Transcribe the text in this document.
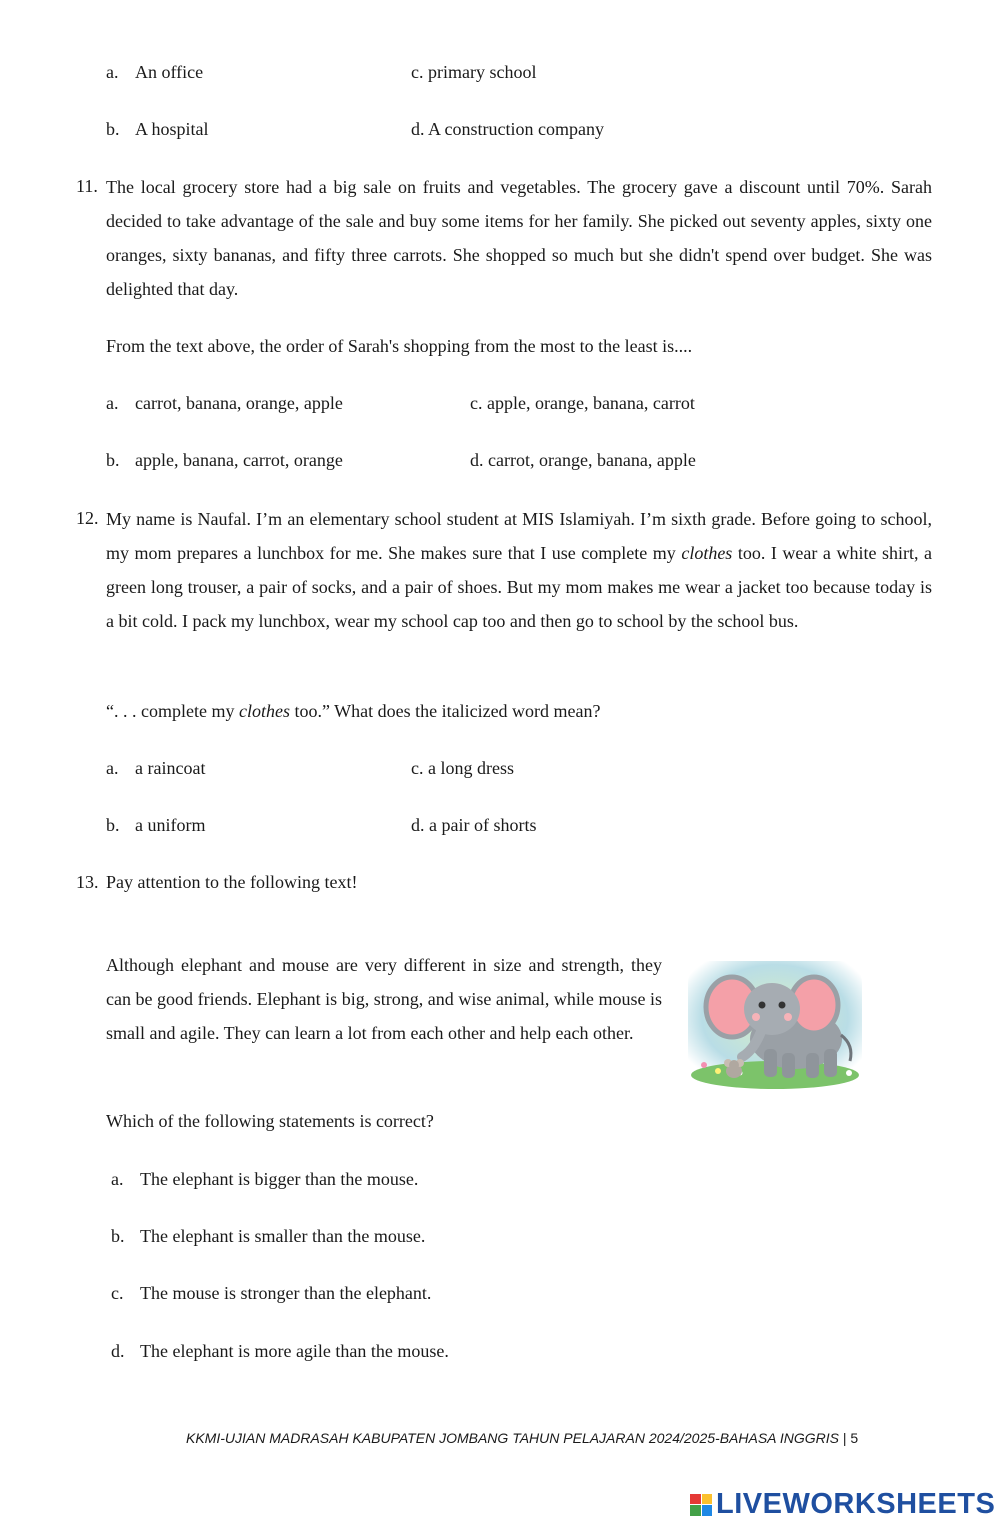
a. An office	c. primary school
b. A hospital	d. A construction company
11. The local grocery store had a big sale on fruits and vegetables. The grocery gave a discount until 70%. Sarah decided to take advantage of the sale and buy some items for her family. She picked out seventy apples, sixty one oranges, sixty bananas, and fifty three carrots. She shopped so much but she didn't spend over budget. She was delighted that day.
From the text above, the order of Sarah's shopping from the most to the least is....
a. carrot, banana, orange, apple	c. apple, orange, banana, carrot
b. apple, banana, carrot, orange	d. carrot, orange, banana, apple
12. My name is Naufal. I’m an elementary school student at MIS Islamiyah. I’m sixth grade. Before going to school, my mom prepares a lunchbox for me. She makes sure that I use complete my clothes too. I wear a white shirt, a green long trouser, a pair of socks, and a pair of shoes. But my mom makes me wear a jacket too because today is a bit cold. I pack my lunchbox, wear my school cap too and then go to school by the school bus.
“. . . complete my clothes too.” What does the italicized word mean?
a. a raincoat	c. a long dress
b. a uniform	d. a pair of shorts
13. Pay attention to the following text!
Although elephant and mouse are very different in size and strength, they can be good friends. Elephant is big, strong, and wise animal, while mouse is small and agile. They can learn a lot from each other and help each other.
Which of the following statements is correct?
a. The elephant is bigger than the mouse.
b. The elephant is smaller than the mouse.
c. The mouse is stronger than the elephant.
d. The elephant is more agile than the mouse.
KKMI-UJIAN MADRASAH KABUPATEN JOMBANG TAHUN PELAJARAN 2024/2025-BAHASA INGGRIS | 5
LIVEWORKSHEETS
